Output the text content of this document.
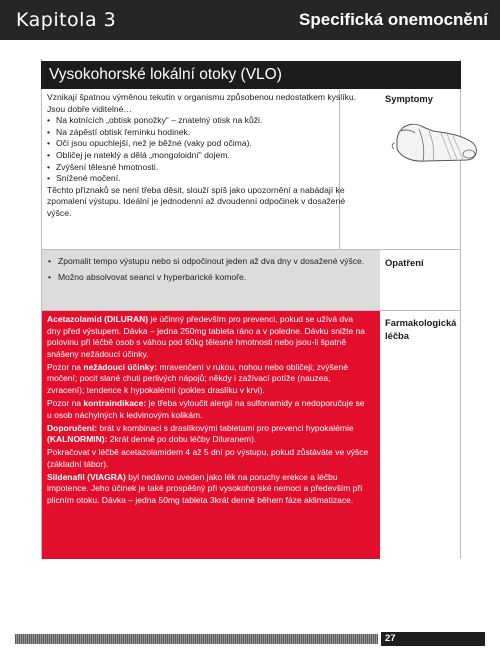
Kapitola 3	Specifická onemocnění
Vysokohorské lokální otoky (VLO)

Vznikají špatnou výměnou tekutin v organismu způsobenou nedostatkem kyslíku. Jsou dobře viditelné…

• Na kotnících „obtisk ponožky“ – znatelný otisk na kůži.
• Na zápěstí obtisk řemínku hodinek.
• Oči jsou opuchlejší, než je běžné (vaky pod očima).
• Obličej je nateklý a dělá „mongoloidní“ dojem.
• Zvýšení tělesné hmotnosti.
• Snížené močení.

Těchto příznaků se není třeba děsit, slouží spíš jako upozornění a nabádají ke zpomalení výstupu. Ideální je jednodenní až dvoudenní odpočinek v dosažené výšce.

Symptomy
• Zpomalit tempo výstupu nebo si odpočinout jeden až dva dny v dosažené výšce.
• Možno absolvovat seanci v hyperbarické komoře.
Opatření

Acetazolamid (DILURAN) je účinný především pro prevenci, pokud se užívá dva dny před výstupem. Dávka – jedna 250mg tableta ráno a v poledne. Dávku snižte na polovinu při léčbě osob s váhou pod 60kg tělesné hmotnosti nebo jsou-li špatně snášeny nežádoucí účinky.

Pozor na nežádoucí účinky: mravenčení v rukou, nohou nebo obličeji; zvýšené močení; pocit slané chuti perlivých nápojů; někdy i zažívací potíže (nauzea, zvracení); tendence k hypokalémii (pokles draslíku v krvi).

Pozor na kontraindikace: je třeba vyloučit alergii na sulfonamidy a nedoporučuje se u osob náchylných k ledvinovým kolikám.

Doporučení: brát v kombinaci s draslíkovými tabletami pro prevenci hypokalémie (KALNORMIN): 2krát denně po dobu léčby Diluranem).

Pokračovat v léčbě acetazolamidem 4 až 5 dní po výstupu, pokud zůstáváte ve výšce (základní tábor).

Sildenafil (VIAGRA) byl nedávno uveden jako lék na poruchy erekce a léčbu impotence. Jeho účinek je také prospěšný při vysokohorské nemoci a především při plicním otoku. Dávka – jedna 50mg tableta 3krát denně během fáze aklimatizace.

Farmakologická léčba
27
